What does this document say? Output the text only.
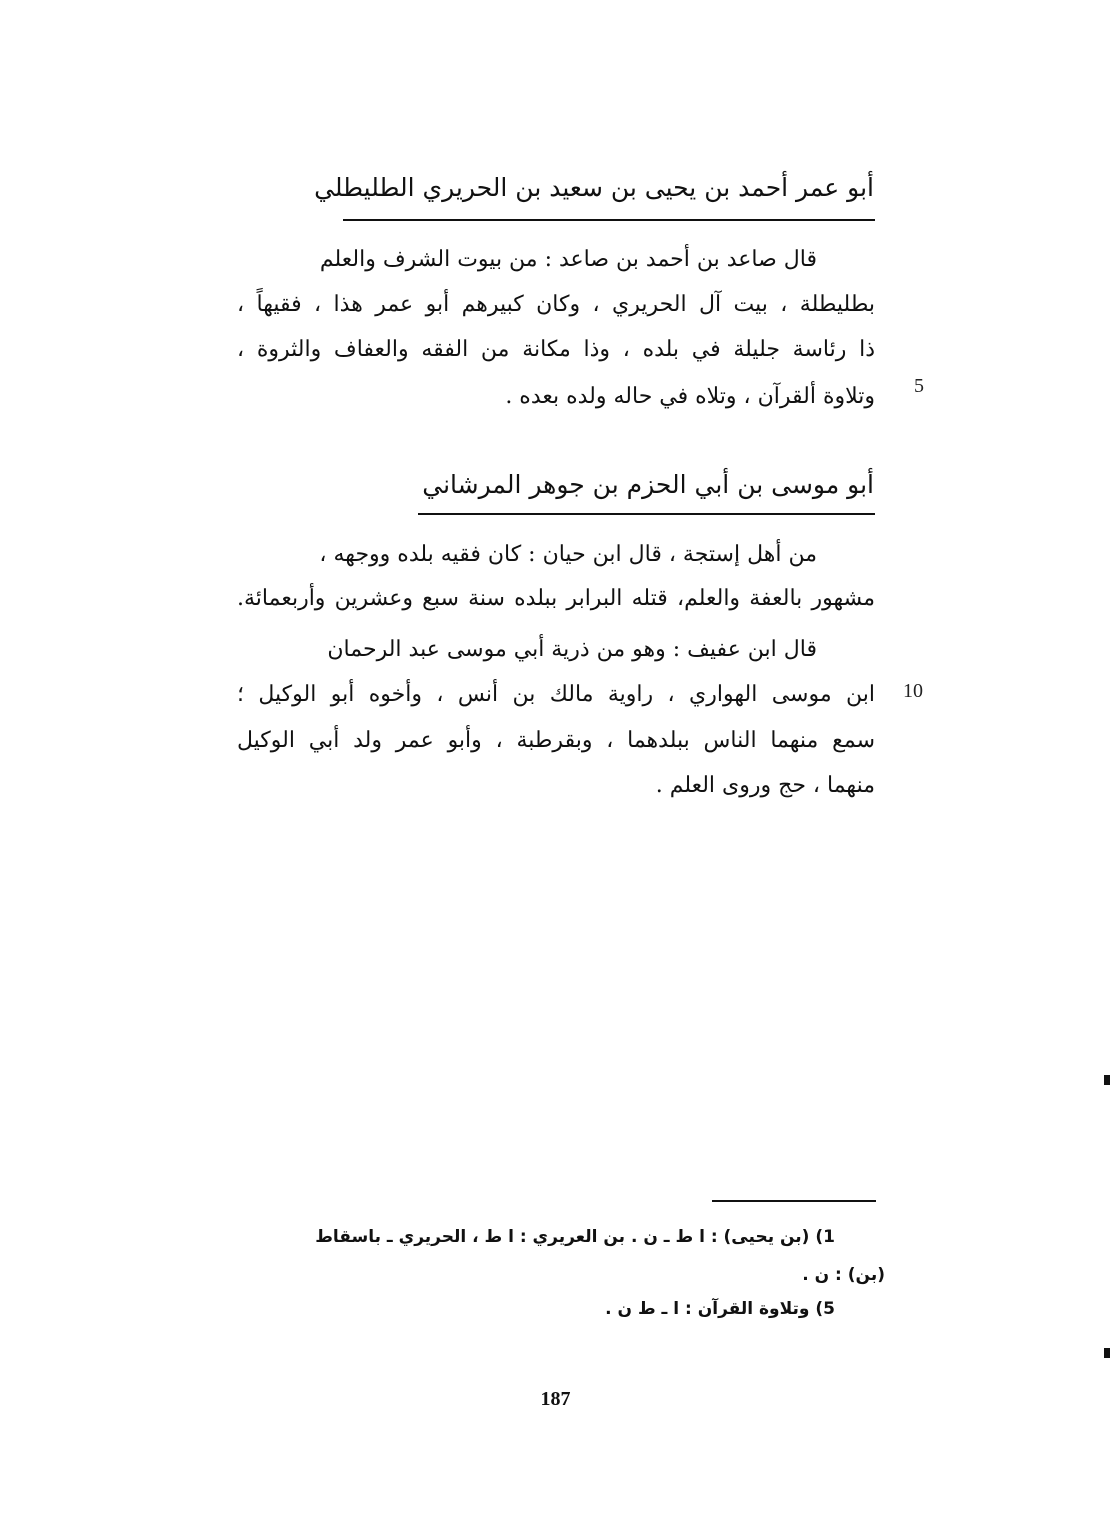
أبو عمر أحمد بن يحيى بن سعيد بن الحريري الطليطلي
قال صاعد بن أحمد بن صاعد : من بيوت الشرف والعلم
بطليطلة ، بيت آل الحريري ، وكان كبيرهم أبو عمر هذا ، فقيهاً ،
ذا رئاسة جليلة في بلده ، وذا مكانة من الفقه والعفاف والثروة ،
وتلاوة ألقرآن ، وتلاه في حاله ولده بعده . 5
أبو موسى بن أبي الحزم بن جوهر المرشاني
من أهل إستجة ، قال ابن حيان : كان فقيه بلده ووجهه ،
مشهور بالعفة والعلم، قتله البرابر ببلده سنة سبع وعشرين وأربعمائة.
قال ابن عفيف : وهو من ذرية أبي موسى عبد الرحمان
ابن موسى الهواري ، راوية مالك بن أنس ، وأخوه أبو الوكيل ؛
سمع منهما الناس ببلدهما ، وبقرطبة ، وأبو عمر ولد أبي الوكيل
منهما ، حج وروى العلم .
10
1) (بن يحيى) : ا ط ـ ن . بن العريري : ا ط ، الحريري ـ باسقاط
(بن) : ن .
5) وتلاوة القرآن : ا ـ ط ن .
187
